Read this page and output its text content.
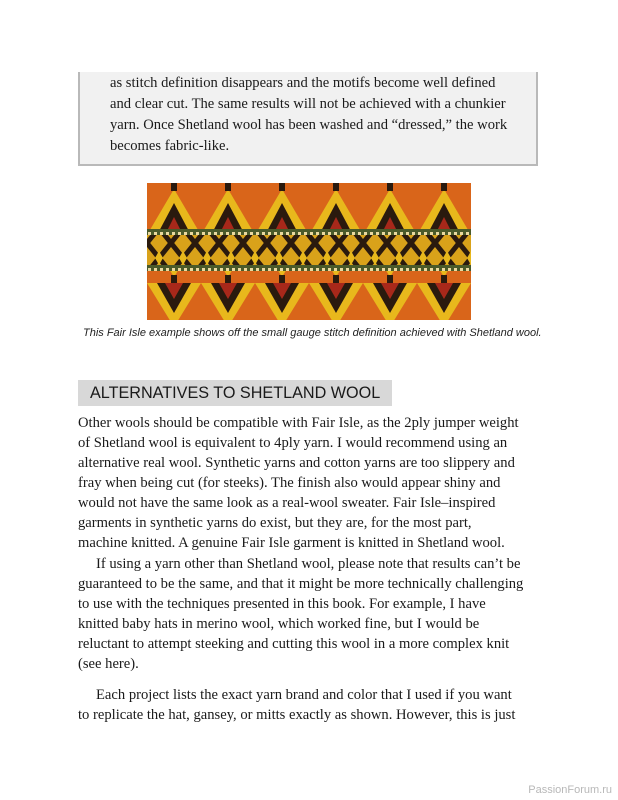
as stitch definition disappears and the motifs become well defined
and clear cut. The same results will not be achieved with a chunkier
yarn. Once Shetland wool has been washed and “dressed,” the work
becomes fabric-like.

This Fair Isle example shows off the small gauge stitch definition achieved with Shetland wool.

ALTERNATIVES TO SHETLAND WOOL

Other wools should be compatible with Fair Isle, as the 2ply jumper weight
of Shetland wool is equivalent to 4ply yarn. I would recommend using an
alternative real wool. Synthetic yarns and cotton yarns are too slippery and
fray when being cut (for steeks). The finish also would appear shiny and
would not have the same look as a real-wool sweater. Fair Isle–inspired
garments in synthetic yarns do exist, but they are, for the most part,
machine knitted. A genuine Fair Isle garment is knitted in Shetland wool.

If using a yarn other than Shetland wool, please note that results can’t be
guaranteed to be the same, and that it might be more technically challenging
to use with the techniques presented in this book. For example, I have
knitted baby hats in merino wool, which worked fine, but I would be
reluctant to attempt steeking and cutting this wool in a more complex knit
(see here).

Each project lists the exact yarn brand and color that I used if you want
to replicate the hat, gansey, or mitts exactly as shown. However, this is just

PassionForum.ru
